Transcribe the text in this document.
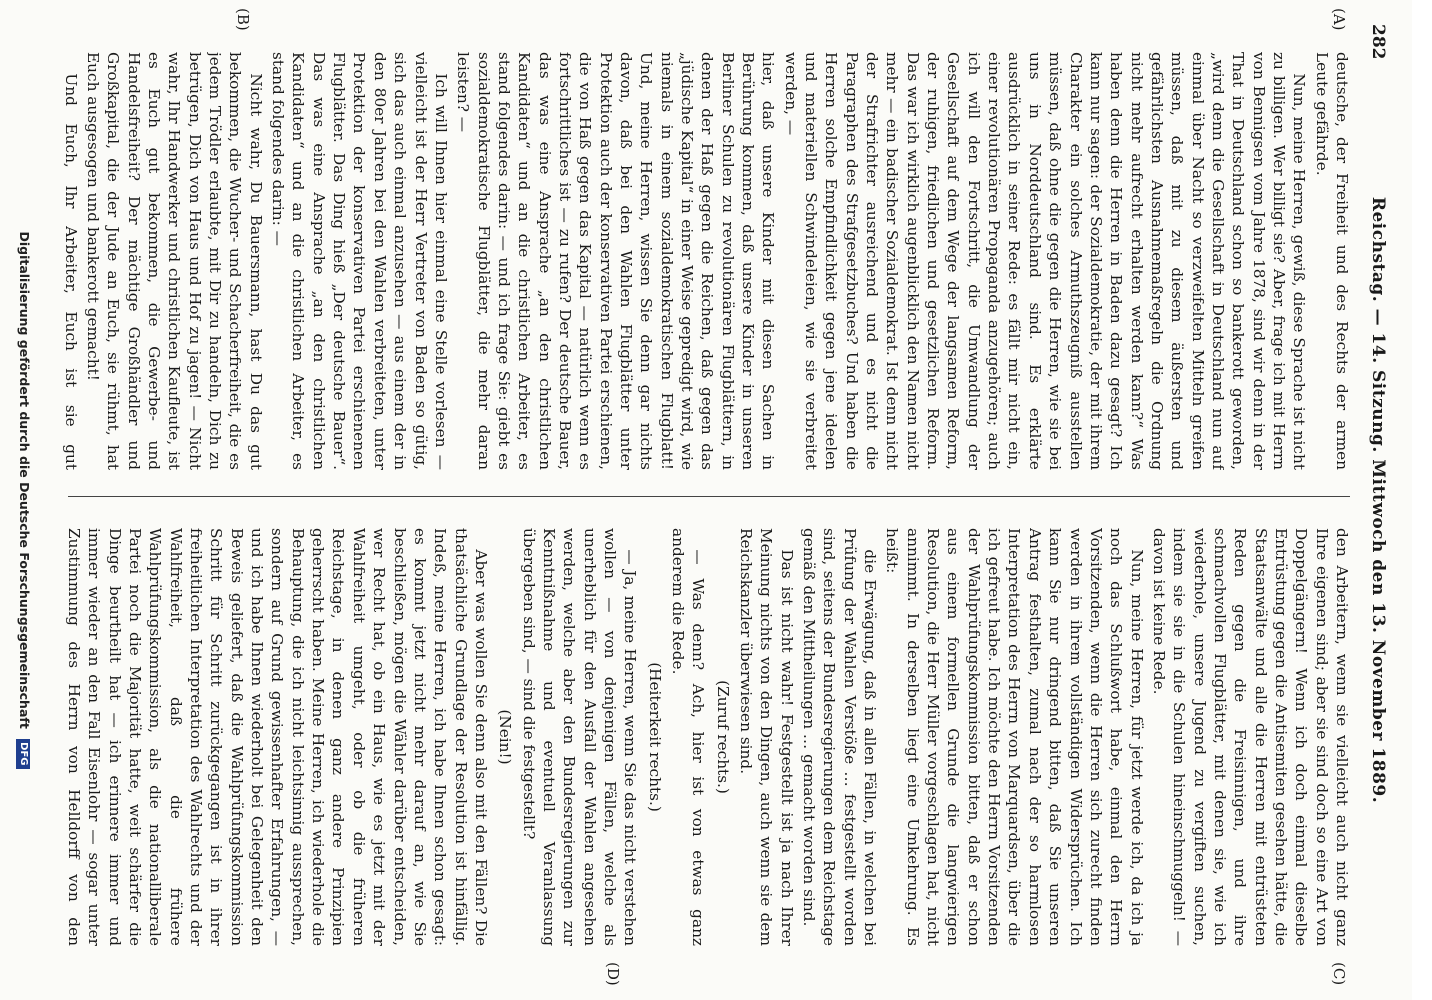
282
Reichstag. — 14. Sitzung. Mittwoch den 13. November 1889.
(A)
(B)
(C)
(D)

deutsche, der Freiheit und des Rechts der armen Leute gefährde.

Nun, meine Herren, gewiß, diese Sprache ist nicht zu billigen. Wer billigt sie? Aber, frage ich mit Herrn von Bennigsen vom Jahre 1878, sind wir denn in der That in Deutschland schon so bankerott geworden, „wird denn die Gesellschaft in Deutschland nun auf einmal über Nacht so verzweifelten Mitteln greifen müssen, daß mit zu diesem äußersten und gefährlichsten Ausnahmemaßregeln die Ordnung nicht mehr aufrecht erhalten werden kann?“ Was haben denn die Herren in Baden dazu gesagt? Ich kann nur sagen: der Sozialdemokratie, der mit ihrem Charakter ein solches Armuthszeugniß ausstellen müssen, daß ohne die gegen die Herren, wie sie bei uns in Norddeutschland sind. Es erklärte ausdrücklich in seiner Rede: es fällt mir nicht ein, einer revolutionären Propaganda anzugehören; auch ich will den Fortschritt, die Umwandlung der Gesellschaft auf dem Wege der langsamen Reform, der ruhigen, friedlichen und gesetzlichen Reform. Das war ich wirklich augenblicklich den Namen nicht mehr — ein badischer Sozialdemokrat. Ist denn nicht der Strafrichter ausreichend und es nicht die Paragraphen des Strafgesetzbuches? Und haben die Herren solche Empfindlichkeit gegen jene ideelen und materiellen Schwindeleien, wie sie verbreitet werden, —

hier, daß unsere Kinder mit diesen Sachen in Berührung kommen, daß unsere Kinder in unseren Berliner Schulen zu revolutionären Flugblättern, in denen der Haß gegen die Reichen, daß gegen das „jüdische Kapital“ in einer Weise gepredigt wird, wie niemals in einem sozialdemokratischen Flugblatt! Und, meine Herren, wissen Sie denn gar nichts davon, daß bei den Wahlen Flugblätter unter Protektion auch der konservativen Partei erschienen, die von Haß gegen das Kapital — natürlich wenn es fortschrittliches ist — zu rufen? Der deutsche Bauer, das was eine Ansprache „an den christlichen Kandidaten“ und an die christlichen Arbeiter, es stand folgendes darin: — und ich frage Sie: giebt es sozialdemokratische Flugblätter, die mehr daran leisten? —

Ich will Ihnen hier einmal eine Stelle vorlesen — vielleicht ist der Herr Vertreter von Baden so gütig, sich das auch einmal anzusehen — aus einem der in den 80er Jahren bei den Wahlen verbreiteten, unter Protektion der konservativen Partei erschienenen Flugblätter. Das Ding hieß „Der deutsche Bauer“. Das was eine Ansprache „an den christlichen Kandidaten“ und an die christlichen Arbeiter, es stand folgendes darin: —

Nicht wahr, Du Bauersmann, hast Du das gut bekommen, die Wucher- und Schacherfreiheit, die es jedem Trödler erlaubte, mit Dir zu handeln, Dich zu betrügen, Dich von Haus und Hof zu jagen! — Nicht wahr, Ihr Handwerker und christlichen Kaufleute, ist es Euch gut bekommen, die Gewerbe- und Handelsfreiheit? Der mächtige Großhändler und Großkapital, die der Jude an Euch, sie rühmt, hat Euch ausgesogen und bankerott gemacht!

Und Euch, Ihr Arbeiter, Euch ist sie gut

den Arbeitern, wenn sie vielleicht auch nicht ganz Ihre eigenen sind; aber sie sind doch so eine Art von Doppelgängern! Wenn ich doch einmal dieselbe Entrüstung gegen die Antisemiten gesehen hätte, die Staatsanwälte und alle die Herren mit entrüsteten Reden gegen die Freisinnigen, und ihre schmachvollen Flugblätter, mit denen sie, wie ich wiederhole, unsere Jugend zu vergiften suchen, indem sie sie in die Schulen hineinschmuggeln! — davon ist keine Rede.

Nun, meine Herren, für jetzt werde ich, da ich ja noch das Schlußwort habe, einmal den Herrn Vorsitzenden, wenn die Herren sich zurecht finden werden in ihrem vollständigen Widersprüchen. Ich kann Sie nur dringend bitten, daß Sie unseren Antrag festhalten, zumal nach der so harmlosen Interpretation des Herrn von Marquardsen, über die ich gefreut habe. Ich möchte den Herrn Vorsitzenden der Wahlprüfungskommission bitten, daß er schon aus einem formellen Grunde die langwierigen Resolution, die Herr Müller vorgeschlagen hat, nicht annimmt. In derselben liegt eine Umkehrung. Es heißt:

die Erwägung, daß in allen Fällen, in welchen bei Prüfung der Wahlen Verstöße … festgestellt worden sind, seitens der Bundesregierungen dem Reichstage gemäß den Mittheilungen … gemacht worden sind.

Das ist nicht wahr! Festgestellt ist ja nach Ihrer Meinung nichts von den Dingen, auch wenn sie dem Reichskanzler überwiesen sind.

(Zuruf rechts.)

— Was denn? Ach, hier ist von etwas ganz anderem die Rede.

(Heiterkeit rechts.)

— Ja, meine Herren, wenn Sie das nicht verstehen wollen — von denjenigen Fällen, welche als unerheblich für den Ausfall der Wahlen angesehen werden, welche aber den Bundesregierungen zur Kenntnißnahme und eventuell Veranlassung übergeben sind, — sind die festgestellt?

(Nein!)

Aber was wollen Sie denn also mit den Fällen? Die thatsächliche Grundlage der Resolution ist hinfällig. Indeß, meine Herren, ich habe Ihnen schon gesagt: es kommt jetzt nicht mehr darauf an, wie Sie beschließen, mögen die Wähler darüber entscheiden, wer Recht hat, ob ein Haus, wie es jetzt mit der Wahlfreiheit umgeht, oder ob die früheren Reichstage, in denen ganz andere Prinzipien geherrscht haben. Meine Herren, ich wiederhole die Behauptung, die ich nicht leichtsinnig aussprechen, sondern auf Grund gewissenhafter Erfahrungen, — und ich habe Ihnen wiederholt bei Gelegenheit den Beweis geliefert, daß die Wahlprüfungskommission Schritt für Schritt zurückgegangen ist in ihrer freiheitlichen Interpretation des Wahlrechts und der Wahlfreiheit, daß die frühere Wahlprüfungskommission, als die nationalliberale Partei noch die Majorität hatte, weit schärfer die Dinge beurtheilt hat — ich erinnere immer und immer wieder an den Fall Eisenlohr — sogar unter Zustimmung des Herrn von Helldorff von den

Digitalisierung gefördert durch die Deutsche Forschungsgemeinschaft DFG
